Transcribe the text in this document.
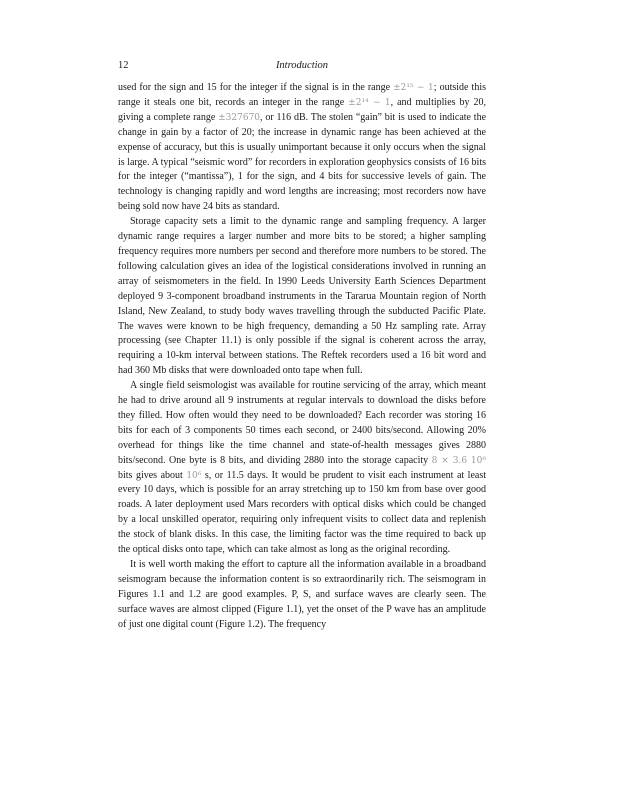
12	Introduction

used for the sign and 15 for the integer if the signal is in the range ±2¹⁵ − 1; outside this range it steals one bit, records an integer in the range ±2¹⁴ − 1, and multiplies by 20, giving a complete range ±327670, or 116 dB. The stolen “gain” bit is used to indicate the change in gain by a factor of 20; the increase in dynamic range has been achieved at the expense of accuracy, but this is usually unimportant because it only occurs when the signal is large. A typical “seismic word” for recorders in exploration geophysics consists of 16 bits for the integer (“mantissa”), 1 for the sign, and 4 bits for successive levels of gain. The technology is changing rapidly and word lengths are increasing; most recorders now have being sold now have 24 bits as standard.

Storage capacity sets a limit to the dynamic range and sampling frequency. A larger dynamic range requires a larger number and more bits to be stored; a higher sampling frequency requires more numbers per second and therefore more numbers to be stored. The following calculation gives an idea of the logistical considerations involved in running an array of seismometers in the field. In 1990 Leeds University Earth Sciences Department deployed 9 3-component broadband instruments in the Tararua Mountain region of North Island, New Zealand, to study body waves travelling through the subducted Pacific Plate. The waves were known to be high frequency, demanding a 50 Hz sampling rate. Array processing (see Chapter 11.1) is only possible if the signal is coherent across the array, requiring a 10-km interval between stations. The Reftek recorders used a 16 bit word and had 360 Mb disks that were downloaded onto tape when full.

A single field seismologist was available for routine servicing of the array, which meant he had to drive around all 9 instruments at regular intervals to download the disks before they filled. How often would they need to be downloaded? Each recorder was storing 16 bits for each of 3 components 50 times each second, or 2400 bits/second. Allowing 20% overhead for things like the time channel and state-of-health messages gives 2880 bits/second. One byte is 8 bits, and dividing 2880 into the storage capacity 8 × 3.6 10⁸ bits gives about 10⁶ s, or 11.5 days. It would be prudent to visit each instrument at least every 10 days, which is possible for an array stretching up to 150 km from base over good roads. A later deployment used Mars recorders with optical disks which could be changed by a local unskilled operator, requiring only infrequent visits to collect data and replenish the stock of blank disks. In this case, the limiting factor was the time required to back up the optical disks onto tape, which can take almost as long as the original recording.

It is well worth making the effort to capture all the information available in a broadband seismogram because the information content is so extraordinarily rich. The seismogram in Figures 1.1 and 1.2 are good examples. P, S, and surface waves are clearly seen. The surface waves are almost clipped (Figure 1.1), yet the onset of the P wave has an amplitude of just one digital count (Figure 1.2). The frequency
